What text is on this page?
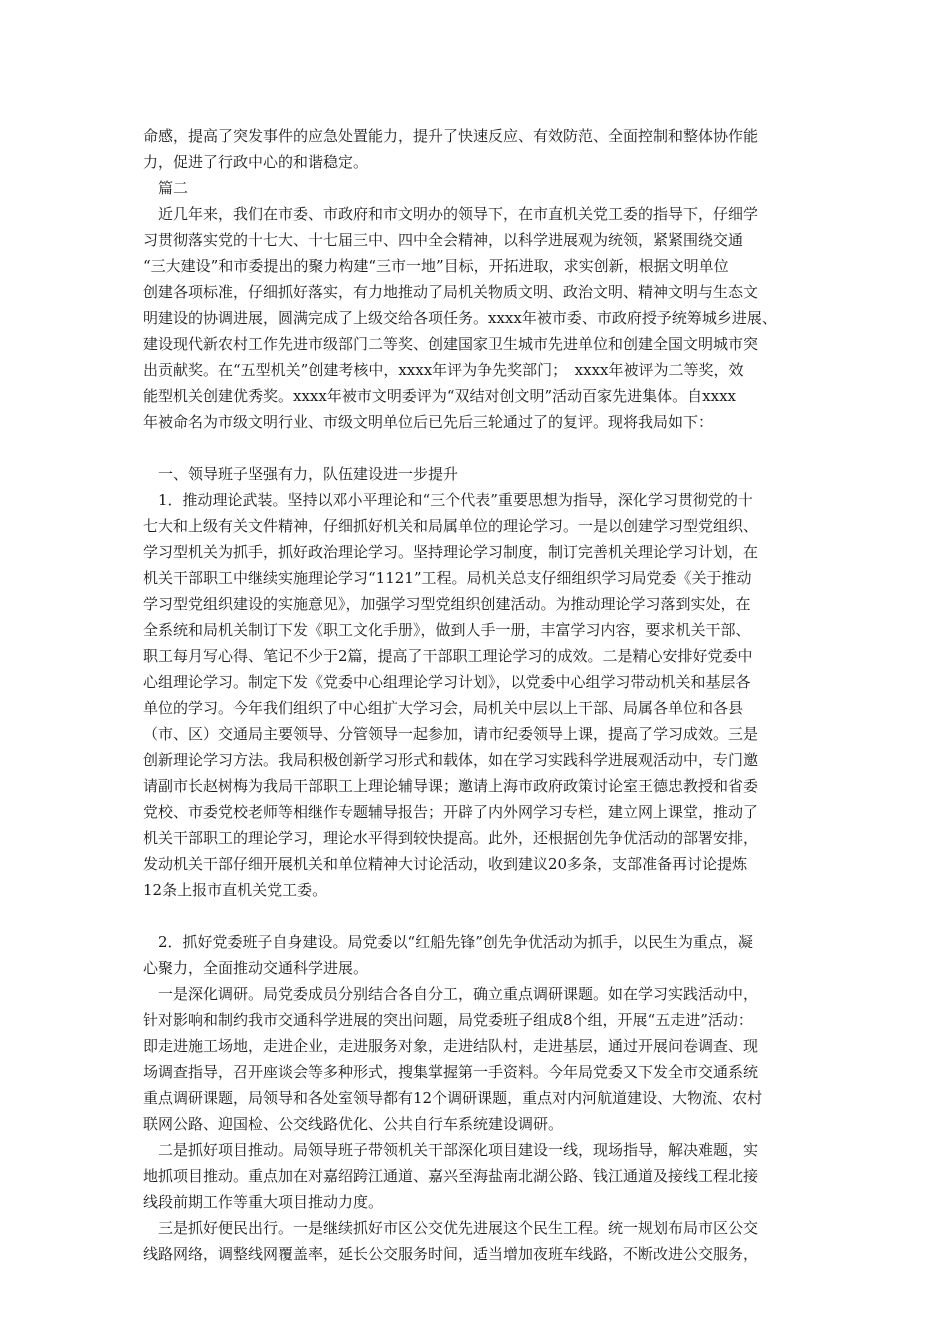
命感，提高了突发事件的应急处置能力，提升了快速反应、有效防范、全面控制和整体协作能
力，促进了行政中心的和谐稳定。
　篇二
　近几年来，我们在市委、市政府和市文明办的领导下，在市直机关党工委的指导下，仔细学
习贯彻落实党的十七大、十七届三中、四中全会精神，以科学进展观为统领，紧紧围绕交通
“三大建设”和市委提出的聚力构建“三市一地”目标，开拓进取，求实创新，根据文明单位
创建各项标准，仔细抓好落实，有力地推动了局机关物质文明、政治文明、精神文明与生态文
明建设的协调进展，圆满完成了上级交给各项任务。xxxx年被市委、市政府授予统筹城乡进展、
建设现代新农村工作先进市级部门二等奖、创建国家卫生城市先进单位和创建全国文明城市突
出贡献奖。在“五型机关”创建考核中，xxxx年评为争先奖部门；　xxxx年被评为二等奖，效
能型机关创建优秀奖。xxxx年被市文明委评为“双结对创文明”活动百家先进集体。自xxxx
年被命名为市级文明行业、市级文明单位后已先后三轮通过了的复评。现将我局如下：
　一、领导班子坚强有力，队伍建设进一步提升
　1．推动理论武装。坚持以邓小平理论和“三个代表”重要思想为指导，深化学习贯彻党的十
七大和上级有关文件精神，仔细抓好机关和局属单位的理论学习。一是以创建学习型党组织、
学习型机关为抓手，抓好政治理论学习。坚持理论学习制度，制订完善机关理论学习计划，在
机关干部职工中继续实施理论学习“1121”工程。局机关总支仔细组织学习局党委《关于推动
学习型党组织建设的实施意见》，加强学习型党组织创建活动。为推动理论学习落到实处，在
全系统和局机关制订下发《职工文化手册》，做到人手一册，丰富学习内容，要求机关干部、
职工每月写心得、笔记不少于2篇，提高了干部职工理论学习的成效。二是精心安排好党委中
心组理论学习。制定下发《党委中心组理论学习计划》，以党委中心组学习带动机关和基层各
单位的学习。今年我们组织了中心组扩大学习会，局机关中层以上干部、局属各单位和各县
（市、区）交通局主要领导、分管领导一起参加，请市纪委领导上课，提高了学习成效。三是
创新理论学习方法。我局积极创新学习形式和载体，如在学习实践科学进展观活动中，专门邀
请副市长赵树梅为我局干部职工上理论辅导课；邀请上海市政府政策讨论室王德忠教授和省委
党校、市委党校老师等相继作专题辅导报告；开辟了内外网学习专栏，建立网上课堂，推动了
机关干部职工的理论学习，理论水平得到较快提高。此外，还根据创先争优活动的部署安排，
发动机关干部仔细开展机关和单位精神大讨论活动，收到建议20多条，支部准备再讨论提炼
12条上报市直机关党工委。
　2．抓好党委班子自身建设。局党委以“红船先锋”创先争优活动为抓手，以民生为重点，凝
心聚力，全面推动交通科学进展。
　一是深化调研。局党委成员分别结合各自分工，确立重点调研课题。如在学习实践活动中，
针对影响和制约我市交通科学进展的突出问题，局党委班子组成8个组，开展“五走进”活动：
即走进施工场地，走进企业，走进服务对象，走进结队村，走进基层，通过开展问卷调查、现
场调查指导，召开座谈会等多种形式，搜集掌握第一手资料。今年局党委又下发全市交通系统
重点调研课题，局领导和各处室领导都有12个调研课题，重点对内河航道建设、大物流、农村
联网公路、迎国检、公交线路优化、公共自行车系统建设调研。
　二是抓好项目推动。局领导班子带领机关干部深化项目建设一线，现场指导，解决难题，实
地抓项目推动。重点加在对嘉绍跨江通道、嘉兴至海盐南北湖公路、钱江通道及接线工程北接
线段前期工作等重大项目推动力度。
　三是抓好便民出行。一是继续抓好市区公交优先进展这个民生工程。统一规划布局市区公交
线路网络，调整线网覆盖率，延长公交服务时间，适当增加夜班车线路，不断改进公交服务，
